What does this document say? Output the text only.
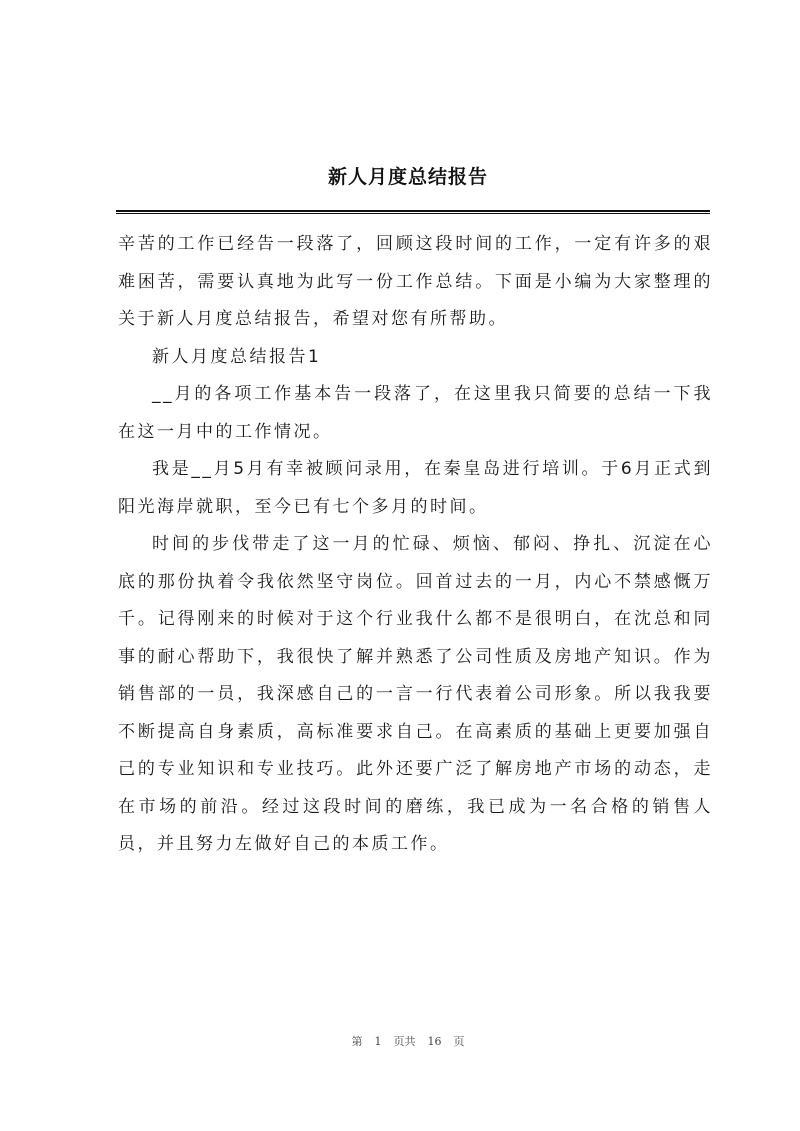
新人月度总结报告

辛苦的工作已经告一段落了，回顾这段时间的工作，一定有许多的艰难困苦，需要认真地为此写一份工作总结。下面是小编为大家整理的关于新人月度总结报告，希望对您有所帮助。

新人月度总结报告1

__月的各项工作基本告一段落了，在这里我只简要的总结一下我在这一月中的工作情况。

我是__月5月有幸被顾问录用，在秦皇岛进行培训。于6月正式到阳光海岸就职，至今已有七个多月的时间。

时间的步伐带走了这一月的忙碌、烦恼、郁闷、挣扎、沉淀在心底的那份执着令我依然坚守岗位。回首过去的一月，内心不禁感慨万千。记得刚来的时候对于这个行业我什么都不是很明白，在沈总和同事的耐心帮助下，我很快了解并熟悉了公司性质及房地产知识。作为销售部的一员，我深感自己的一言一行代表着公司形象。所以我我要不断提高自身素质，高标准要求自己。在高素质的基础上更要加强自己的专业知识和专业技巧。此外还要广泛了解房地产市场的动态，走在市场的前沿。经过这段时间的磨练，我已成为一名合格的销售人员，并且努力左做好自己的本质工作。

第 1 页共 16 页
